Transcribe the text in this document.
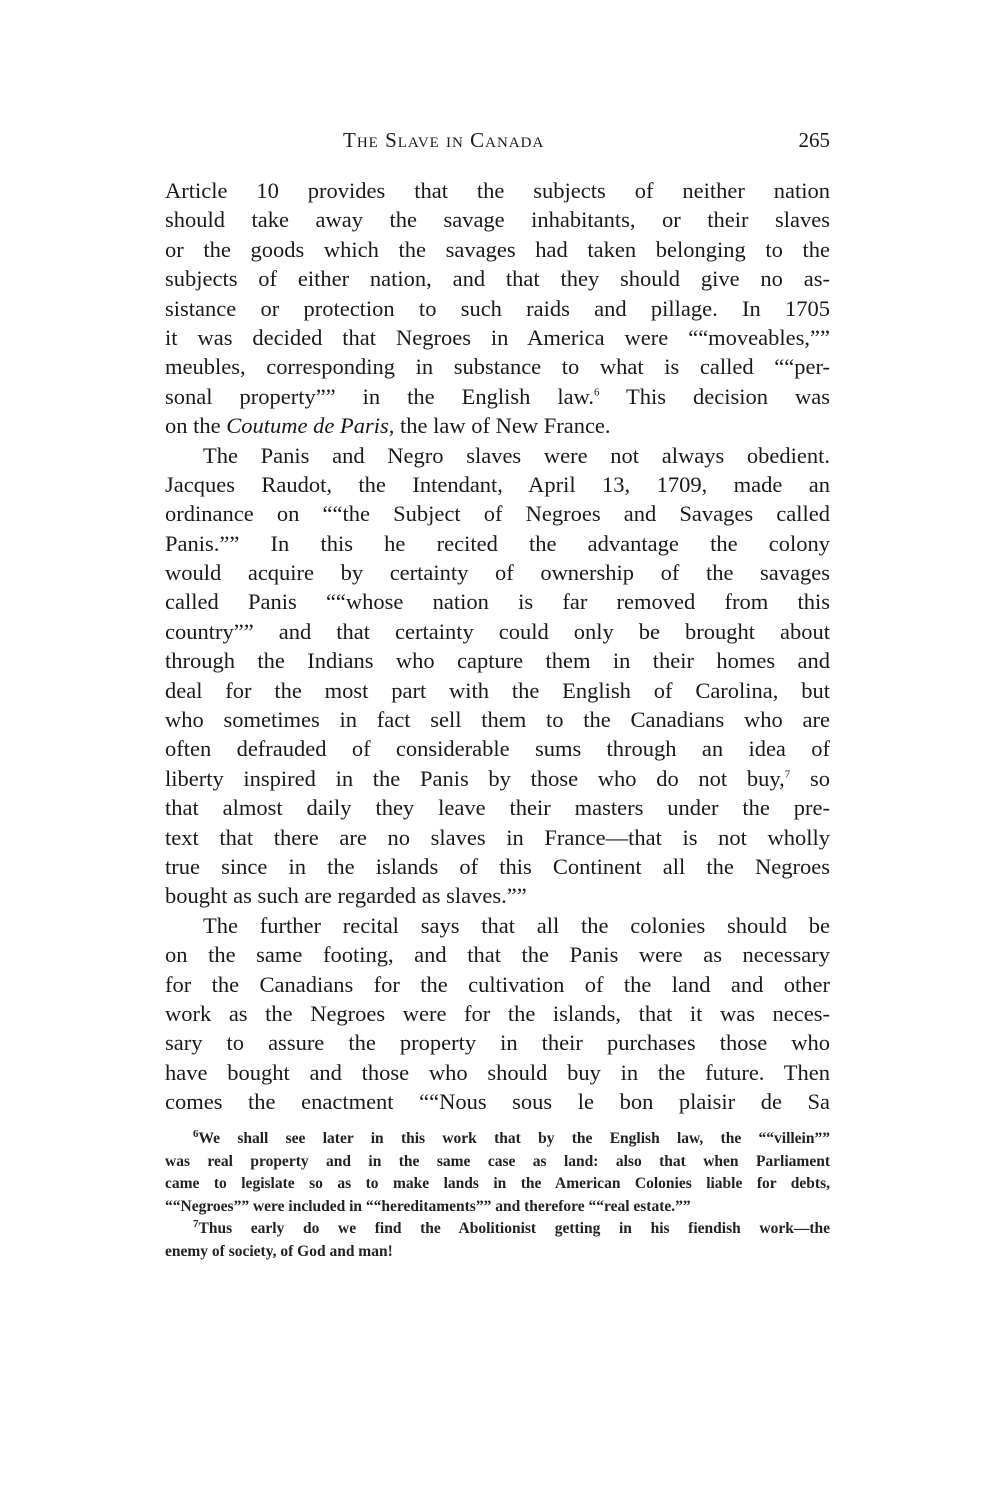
The Slave in Canada	265
Article 10 provides that the subjects of neither nation
should take away the savage inhabitants, or their slaves
or the goods which the savages had taken belonging to the
subjects of either nation, and that they should give no as-
sistance or protection to such raids and pillage. In 1705
it was decided that Negroes in America were ““moveables,””
meubles, corresponding in substance to what is called ““per-
sonal property”” in the English law.$^6$ This decision was
on the Coutume de Paris, the law of New France.
The Panis and Negro slaves were not always obedient.
Jacques Raudot, the Intendant, April 13, 1709, made an
ordinance on ““the Subject of Negroes and Savages called
Panis.”” In this he recited the advantage the colony
would acquire by certainty of ownership of the savages
called Panis ““whose nation is far removed from this
country”” and that certainty could only be brought about
through the Indians who capture them in their homes and
deal for the most part with the English of Carolina, but
who sometimes in fact sell them to the Canadians who are
often defrauded of considerable sums through an idea of
liberty inspired in the Panis by those who do not buy,$^7$ so
that almost daily they leave their masters under the pre-
text that there are no slaves in France—that is not wholly
true since in the islands of this Continent all the Negroes
bought as such are regarded as slaves.””
The further recital says that all the colonies should be
on the same footing, and that the Panis were as necessary
for the Canadians for the cultivation of the land and other
work as the Negroes were for the islands, that it was neces-
sary to assure the property in their purchases those who
have bought and those who should buy in the future. Then
comes the enactment ““Nous sous le bon plaisir de Sa
$^6$We shall see later in this work that by the English law, the ““villein””
was real property and in the same case as land: also that when Parliament
came to legislate so as to make lands in the American Colonies liable for debts,
““Negroes”” were included in ““hereditaments”” and therefore ““real estate.””
$^7$Thus early do we find the Abolitionist getting in his fiendish work—the
enemy of society, of God and man!
